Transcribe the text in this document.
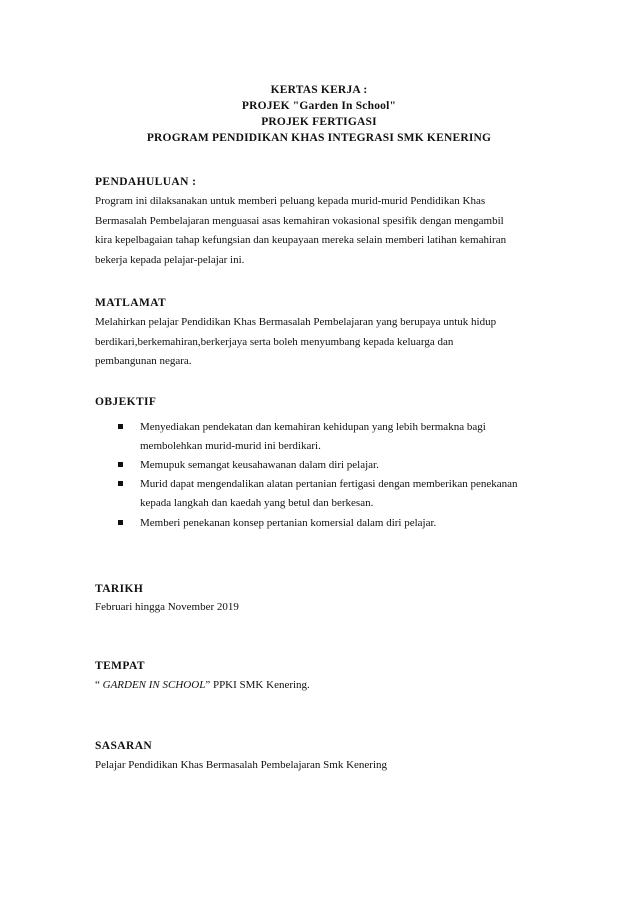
KERTAS KERJA :
PROJEK "Garden In School"
PROJEK FERTIGASI
PROGRAM PENDIDIKAN KHAS INTEGRASI SMK KENERING
PENDAHULUAN :
Program ini dilaksanakan untuk memberi peluang kepada murid-murid Pendidikan Khas
Bermasalah Pembelajaran menguasai asas kemahiran vokasional spesifik dengan mengambil
kira kepelbagaian tahap kefungsian dan keupayaan mereka selain memberi latihan kemahiran
bekerja kepada pelajar-pelajar ini.
MATLAMAT
Melahirkan pelajar Pendidikan Khas Bermasalah Pembelajaran yang berupaya untuk hidup
berdikari,berkemahiran,berkerjaya serta boleh menyumbang kepada keluarga dan
pembangunan negara.
OBJEKTIF
Menyediakan pendekatan dan kemahiran kehidupan yang lebih bermakna bagi
membolehkan murid-murid ini berdikari.
Memupuk semangat keusahawanan dalam diri pelajar.
Murid dapat mengendalikan alatan pertanian fertigasi dengan memberikan penekanan
kepada langkah dan kaedah yang betul dan berkesan.
Memberi penekanan konsep pertanian komersial dalam diri pelajar.
TARIKH
Februari hingga November 2019
TEMPAT
“ GARDEN IN SCHOOL” PPKI SMK Kenering.
SASARAN
Pelajar Pendidikan Khas Bermasalah Pembelajaran Smk Kenering
